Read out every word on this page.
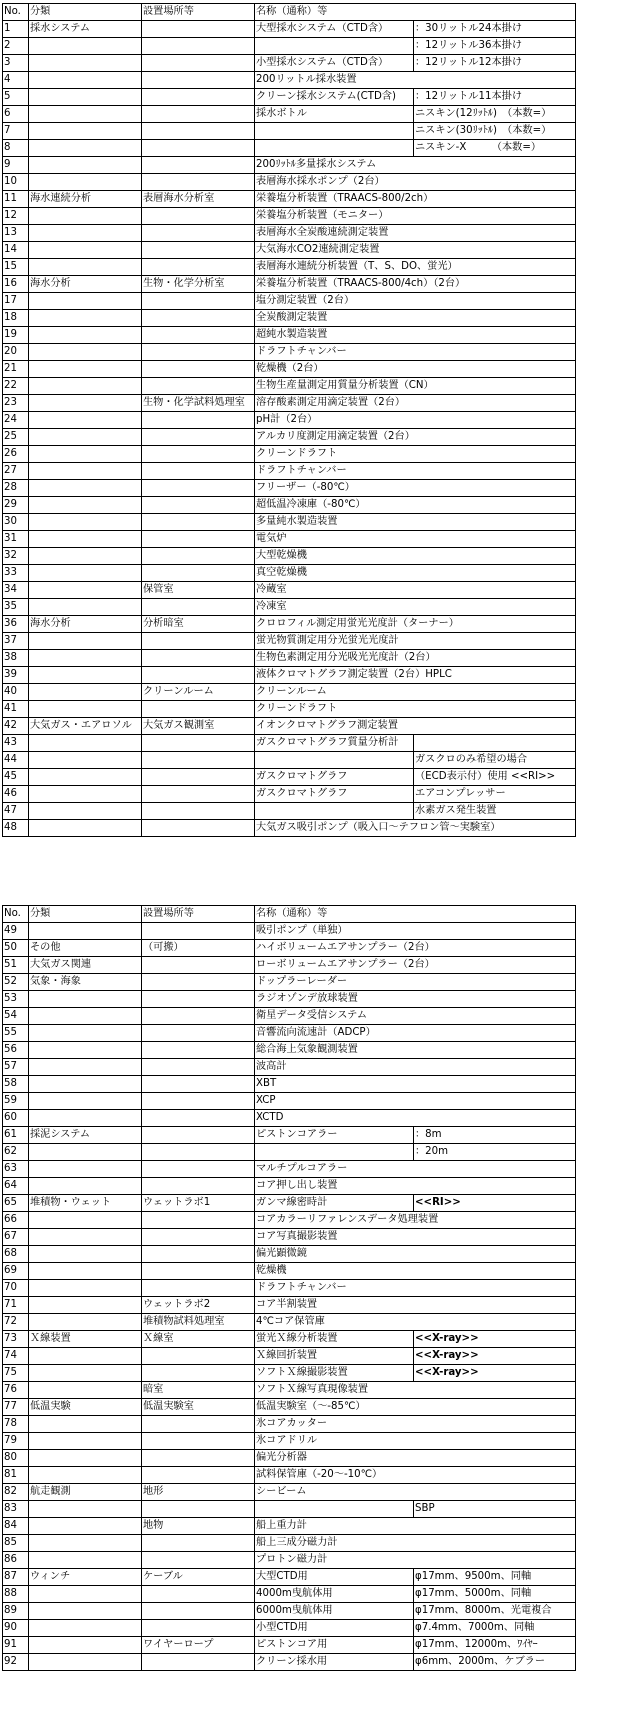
No.	分類	設置場所等	名称（通称）等	
1	採水システム		大型採水システム（CTD含）	：30リットル24本掛け
2				：12リットル36本掛け
3			小型採水システム（CTD含）	：12リットル12本掛け
4			200リットル採水装置	
5			クリーン採水システム(CTD含)	：12リットル11本掛け
6			採水ボトル	ニスキン(12ﾘｯﾄﾙ)　（本数=）
7				ニスキン(30ﾘｯﾄﾙ)　（本数=）
8				ニスキン-X　　　（本数=）
9			200ﾘｯﾄﾙ多量採水システム	
10			表層海水採水ポンプ（2台）	
11	海水連続分析	表層海水分析室	栄養塩分析装置（TRAACS-800/2ch）	
12			栄養塩分析装置（モニター）	
13			表層海水全炭酸連続測定装置	
14			大気海水CO2連続測定装置	
15			表層海水連続分析装置（T、S、DO、蛍光）	
16	海水分析	生物・化学分析室	栄養塩分析装置（TRAACS-800/4ch）（2台）	
17			塩分測定装置（2台）	
18			全炭酸測定装置	
19			超純水製造装置	
20			ドラフトチャンバー	
21			乾燥機（2台）	
22			生物生産量測定用質量分析装置（CN）	
23		生物・化学試料処理室	溶存酸素測定用滴定装置（2台）	
24			pH計（2台）	
25			アルカリ度測定用滴定装置（2台）	
26			クリーンドラフト	
27			ドラフトチャンバー	
28			フリーザー（-80℃）	
29			超低温冷凍庫（-80℃）	
30			多量純水製造装置	
31			電気炉	
32			大型乾燥機	
33			真空乾燥機	
34		保管室	冷蔵室	
35			冷凍室	
36	海水分析	分析暗室	クロロフィル測定用蛍光光度計（ターナー）	
37			蛍光物質測定用分光蛍光光度計	
38			生物色素測定用分光吸光光度計（2台）	
39			液体クロマトグラフ測定装置（2台）HPLC	
40		クリーンルーム	クリーンルーム	
41			クリーンドラフト	
42	大気ガス・エアロソル	大気ガス観測室	イオンクロマトグラフ測定装置	
43			ガスクロマトグラフ質量分析計	
44				ガスクロのみ希望の場合
45			ガスクロマトグラフ	（ECD表示付）使用 <<RI>>
46			ガスクロマトグラフ	エアコンプレッサー
47				水素ガス発生装置
48			大気ガス吸引ポンプ（吸入口～テフロン管～実験室）	
No.	分類	設置場所等	名称（通称）等	
49			吸引ポンプ（単独）	
50	その他	（可搬）	ハイボリュームエアサンプラー（2台）	
51	大気ガス関連		ローボリュームエアサンプラー（2台）	
52	気象・海象		ドップラーレーダー	
53			ラジオゾンデ放球装置	
54			衛星データ受信システム	
55			音響流向流速計（ADCP）	
56			総合海上気象観測装置	
57			波高計	
58			XBT	
59			XCP	
60			XCTD	
61	採泥システム		ピストンコアラー	：8m
62				：20m
63			マルチプルコアラー	
64			コア押し出し装置	
65	堆積物・ウェット	ウェットラボ1	ガンマ線密時計	<<RI>>
66			コアカラーリファレンスデータ処理装置	
67			コア写真撮影装置	
68			偏光顕微鏡	
69			乾燥機	
70			ドラフトチャンバー	
71		ウェットラボ2	コア半割装置	
72		堆積物試料処理室	4℃コア保管庫	
73	Ｘ線装置	Ｘ線室	蛍光Ｘ線分析装置	<<X-ray>>
74			Ｘ線回折装置	<<X-ray>>
75			ソフトＸ線撮影装置	<<X-ray>>
76		暗室	ソフトＸ線写真現像装置	
77	低温実験	低温実験室	低温実験室（～-85℃）	
78			氷コアカッター	
79			氷コアドリル	
80			偏光分析器	
81			試料保管庫（-20～-10℃）	
82	航走観測	地形	シービーム	
83				SBP
84		地物	船上重力計	
85			船上三成分磁力計	
86			プロトン磁力計	
87	ウィンチ	ケーブル	大型CTD用	φ17mm、9500m、同軸
88			4000m曳航体用	φ17mm、5000m、同軸
89			6000m曳航体用	φ17mm、8000m、光電複合
90			小型CTD用	φ7.4mm、7000m、同軸
91		ワイヤーロープ	ピストンコア用	φ17mm、12000m、ﾜｲﾔｰ
92			クリーン採水用	φ6mm、2000m、ケブラー
